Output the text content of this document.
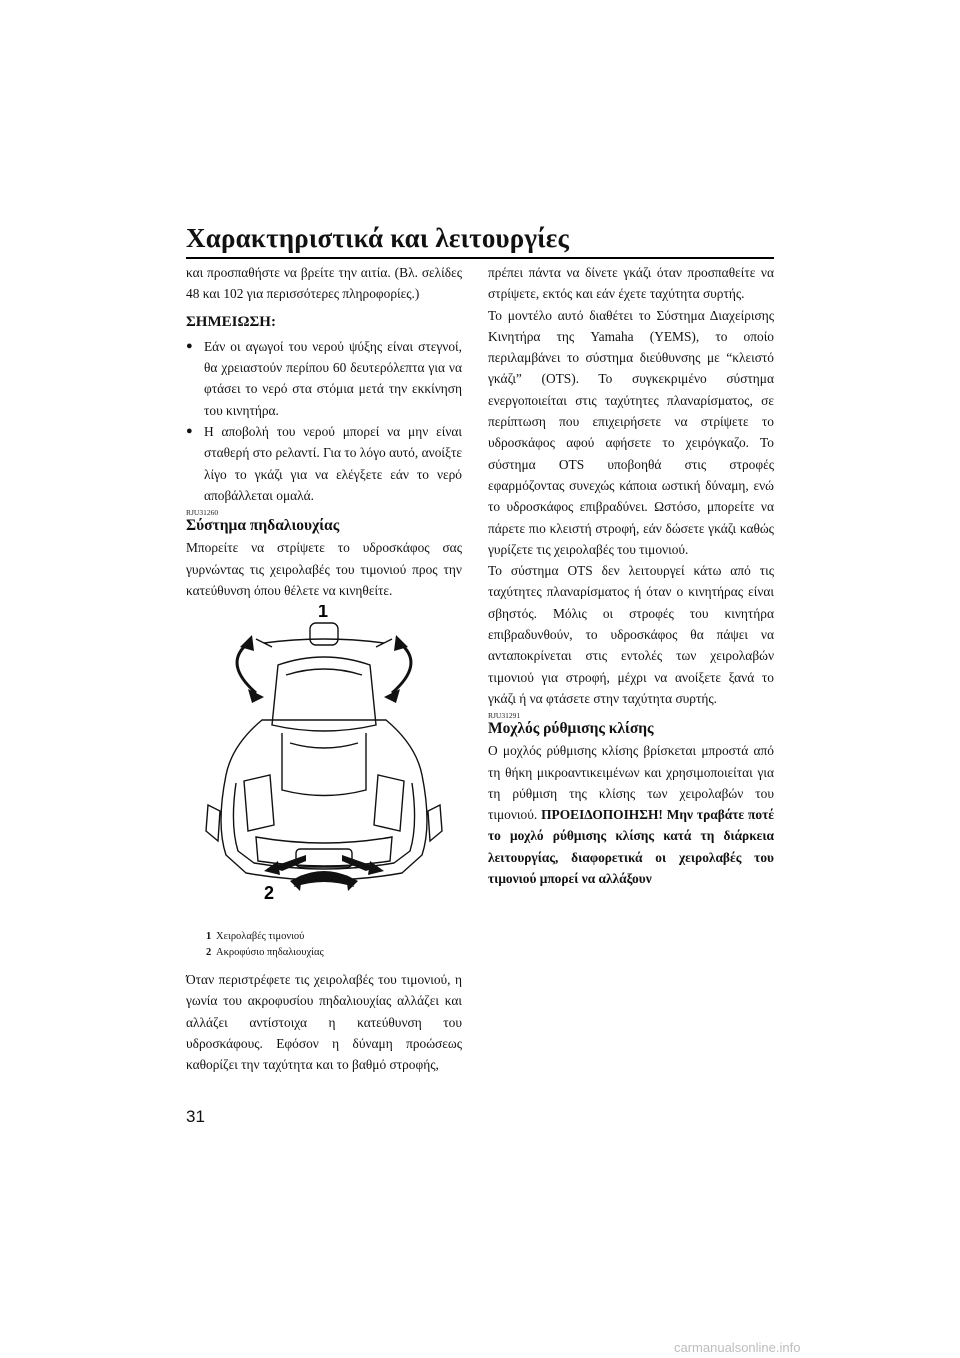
Χαρακτηριστικά και λειτουργίες

και προσπαθήστε να βρείτε την αιτία. (Βλ. σελίδες 48 και 102 για περισσότερες πληροφορίες.)

ΣΗΜΕΙΩΣΗ:

● Εάν οι αγωγοί του νερού ψύξης είναι στεγνοί, θα χρειαστούν περίπου 60 δευτερόλεπτα για να φτάσει το νερό στα στόμια μετά την εκκίνηση του κινητήρα.
● Η αποβολή του νερού μπορεί να μην είναι σταθερή στο ρελαντί. Για το λόγο αυτό, ανοίξτε λίγο το γκάζι για να ελέγξετε εάν το νερό αποβάλλεται ομαλά.

RJU31260

Σύστημα πηδαλιουχίας

Μπορείτε να στρίψετε το υδροσκάφος σας γυρνώντας τις χειρολαβές του τιμονιού προς την κατεύθυνση όπου θέλετε να κινηθείτε.

1
2

1 Χειρολαβές τιμονιού
2 Ακροφύσιο πηδαλιουχίας

Όταν περιστρέφετε τις χειρολαβές του τιμονιού, η γωνία του ακροφυσίου πηδαλιουχίας αλλάζει και αλλάζει αντίστοιχα η κατεύθυνση του υδροσκάφους. Εφόσον η δύναμη προώσεως καθορίζει την ταχύτητα και το βαθμό στροφής,

πρέπει πάντα να δίνετε γκάζι όταν προσπαθείτε να στρίψετε, εκτός και εάν έχετε ταχύτητα συρτής.

Το μοντέλο αυτό διαθέτει το Σύστημα Διαχείρισης Κινητήρα της Yamaha (YEMS), το οποίο περιλαμβάνει το σύστημα διεύθυνσης με “κλειστό γκάζι” (OTS). Το συγκεκριμένο σύστημα ενεργοποιείται στις ταχύτητες πλαναρίσματος, σε περίπτωση που επιχειρήσετε να στρίψετε το υδροσκάφος αφού αφήσετε το χειρόγκαζο. Το σύστημα OTS υποβοηθά στις στροφές εφαρμόζοντας συνεχώς κάποια ωστική δύναμη, ενώ το υδροσκάφος επιβραδύνει. Ωστόσο, μπορείτε να πάρετε πιο κλειστή στροφή, εάν δώσετε γκάζι καθώς γυρίζετε τις χειρολαβές του τιμονιού.

Το σύστημα OTS δεν λειτουργεί κάτω από τις ταχύτητες πλαναρίσματος ή όταν ο κινητήρας είναι σβηστός. Μόλις οι στροφές του κινητήρα επιβραδυνθούν, το υδροσκάφος θα πάψει να ανταποκρίνεται στις εντολές των χειρολαβών τιμονιού για στροφή, μέχρι να ανοίξετε ξανά το γκάζι ή να φτάσετε στην ταχύτητα συρτής.

RJU31291

Μοχλός ρύθμισης κλίσης

Ο μοχλός ρύθμισης κλίσης βρίσκεται μπροστά από τη θήκη μικροαντικειμένων και χρησιμοποιείται για τη ρύθμιση της κλίσης των χειρολαβών του τιμονιού. ΠΡΟΕΙΔΟΠΟΙΗΣΗ! Μην τραβάτε ποτέ το μοχλό ρύθμισης κλίσης κατά τη διάρκεια λειτουργίας, διαφορετικά οι χειρολαβές του τιμονιού μπορεί να αλλάξουν

31
carmanualsonline.info
